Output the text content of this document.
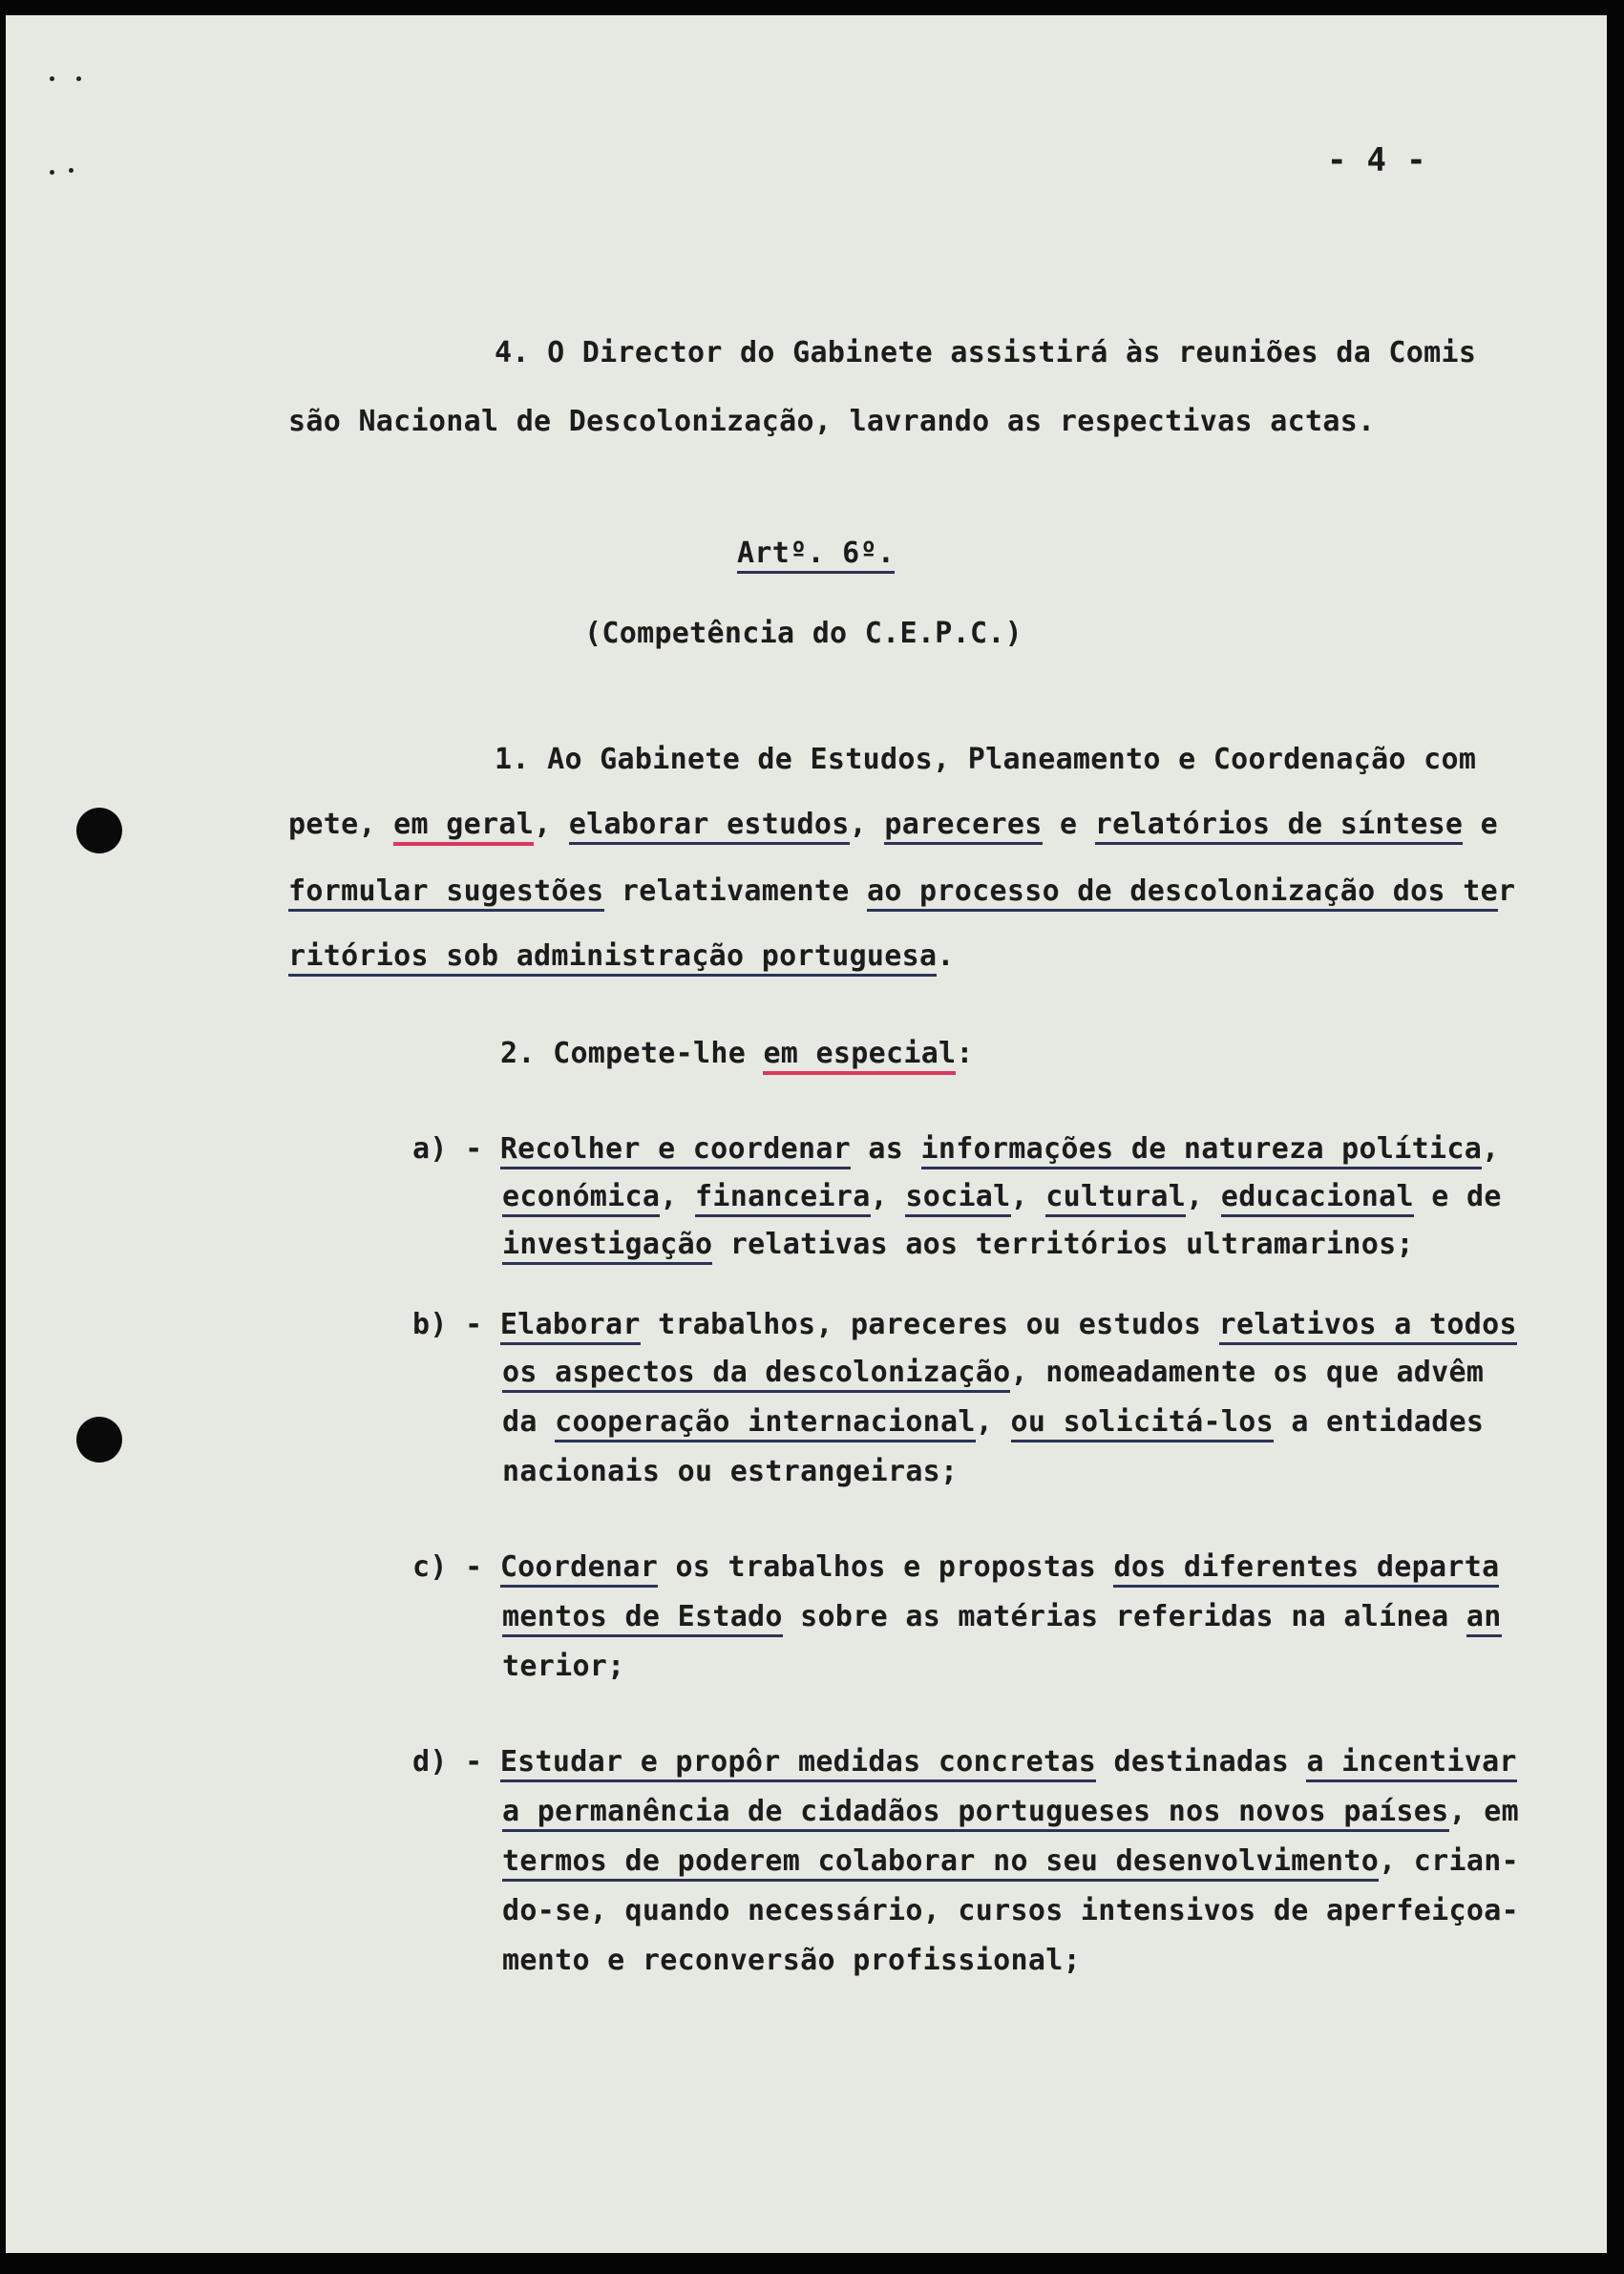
- 4 -
4. O Director do Gabinete assistirá às reuniões da Comis
são Nacional de Descolonização, lavrando as respectivas actas.
Artº. 6º.
(Competência do C.E.P.C.)
1. Ao Gabinete de Estudos, Planeamento e Coordenação com
pete, em geral, elaborar estudos, pareceres e relatórios de síntese e
formular sugestões relativamente ao processo de descolonização dos ter
ritórios sob administração portuguesa.
2. Compete-lhe em especial:
a) - Recolher e coordenar as informações de natureza política,
económica, financeira, social, cultural, educacional e de
investigação relativas aos territórios ultramarinos;
b) - Elaborar trabalhos, pareceres ou estudos relativos a todos
os aspectos da descolonização, nomeadamente os que advêm
da cooperação internacional, ou solicitá-los a entidades
nacionais ou estrangeiras;
c) - Coordenar os trabalhos e propostas dos diferentes departa
mentos de Estado sobre as matérias referidas na alínea an
terior;
d) - Estudar e propôr medidas concretas destinadas a incentivar
a permanência de cidadãos portugueses nos novos países, em
termos de poderem colaborar no seu desenvolvimento, crian-
do-se, quando necessário, cursos intensivos de aperfeiçoa-
mento e reconversão profissional;
